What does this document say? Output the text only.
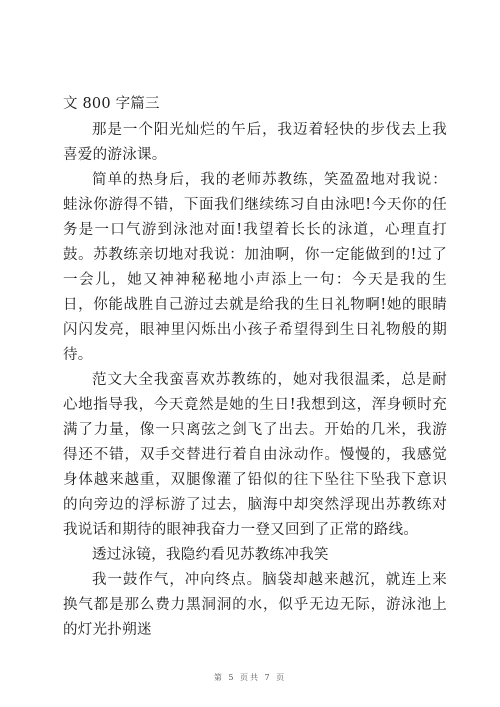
文 800 字篇三

那是一个阳光灿烂的午后，我迈着轻快的步伐去上我喜爱的游泳课。

简单的热身后，我的老师苏教练，笑盈盈地对我说：蛙泳你游得不错，下面我们继续练习自由泳吧!今天你的任务是一口气游到泳池对面!我望着长长的泳道，心理直打鼓。苏教练亲切地对我说：加油啊，你一定能做到的!过了一会儿，她又神神秘秘地小声添上一句：今天是我的生日，你能战胜自己游过去就是给我的生日礼物啊!她的眼睛闪闪发亮，眼神里闪烁出小孩子希望得到生日礼物般的期待。

范文大全我蛮喜欢苏教练的，她对我很温柔，总是耐心地指导我，今天竟然是她的生日!我想到这，浑身顿时充满了力量，像一只离弦之剑飞了出去。开始的几米，我游得还不错，双手交替进行着自由泳动作。慢慢的，我感觉身体越来越重，双腿像灌了铅似的往下坠往下坠我下意识的向旁边的浮标游了过去，脑海中却突然浮现出苏教练对我说话和期待的眼神我奋力一登又回到了正常的路线。

透过泳镜，我隐约看见苏教练冲我笑

我一鼓作气，冲向终点。脑袋却越来越沉，就连上来换气都是那么费力黑洞洞的水，似乎无边无际，游泳池上的灯光扑朔迷

第 5 页共 7 页
